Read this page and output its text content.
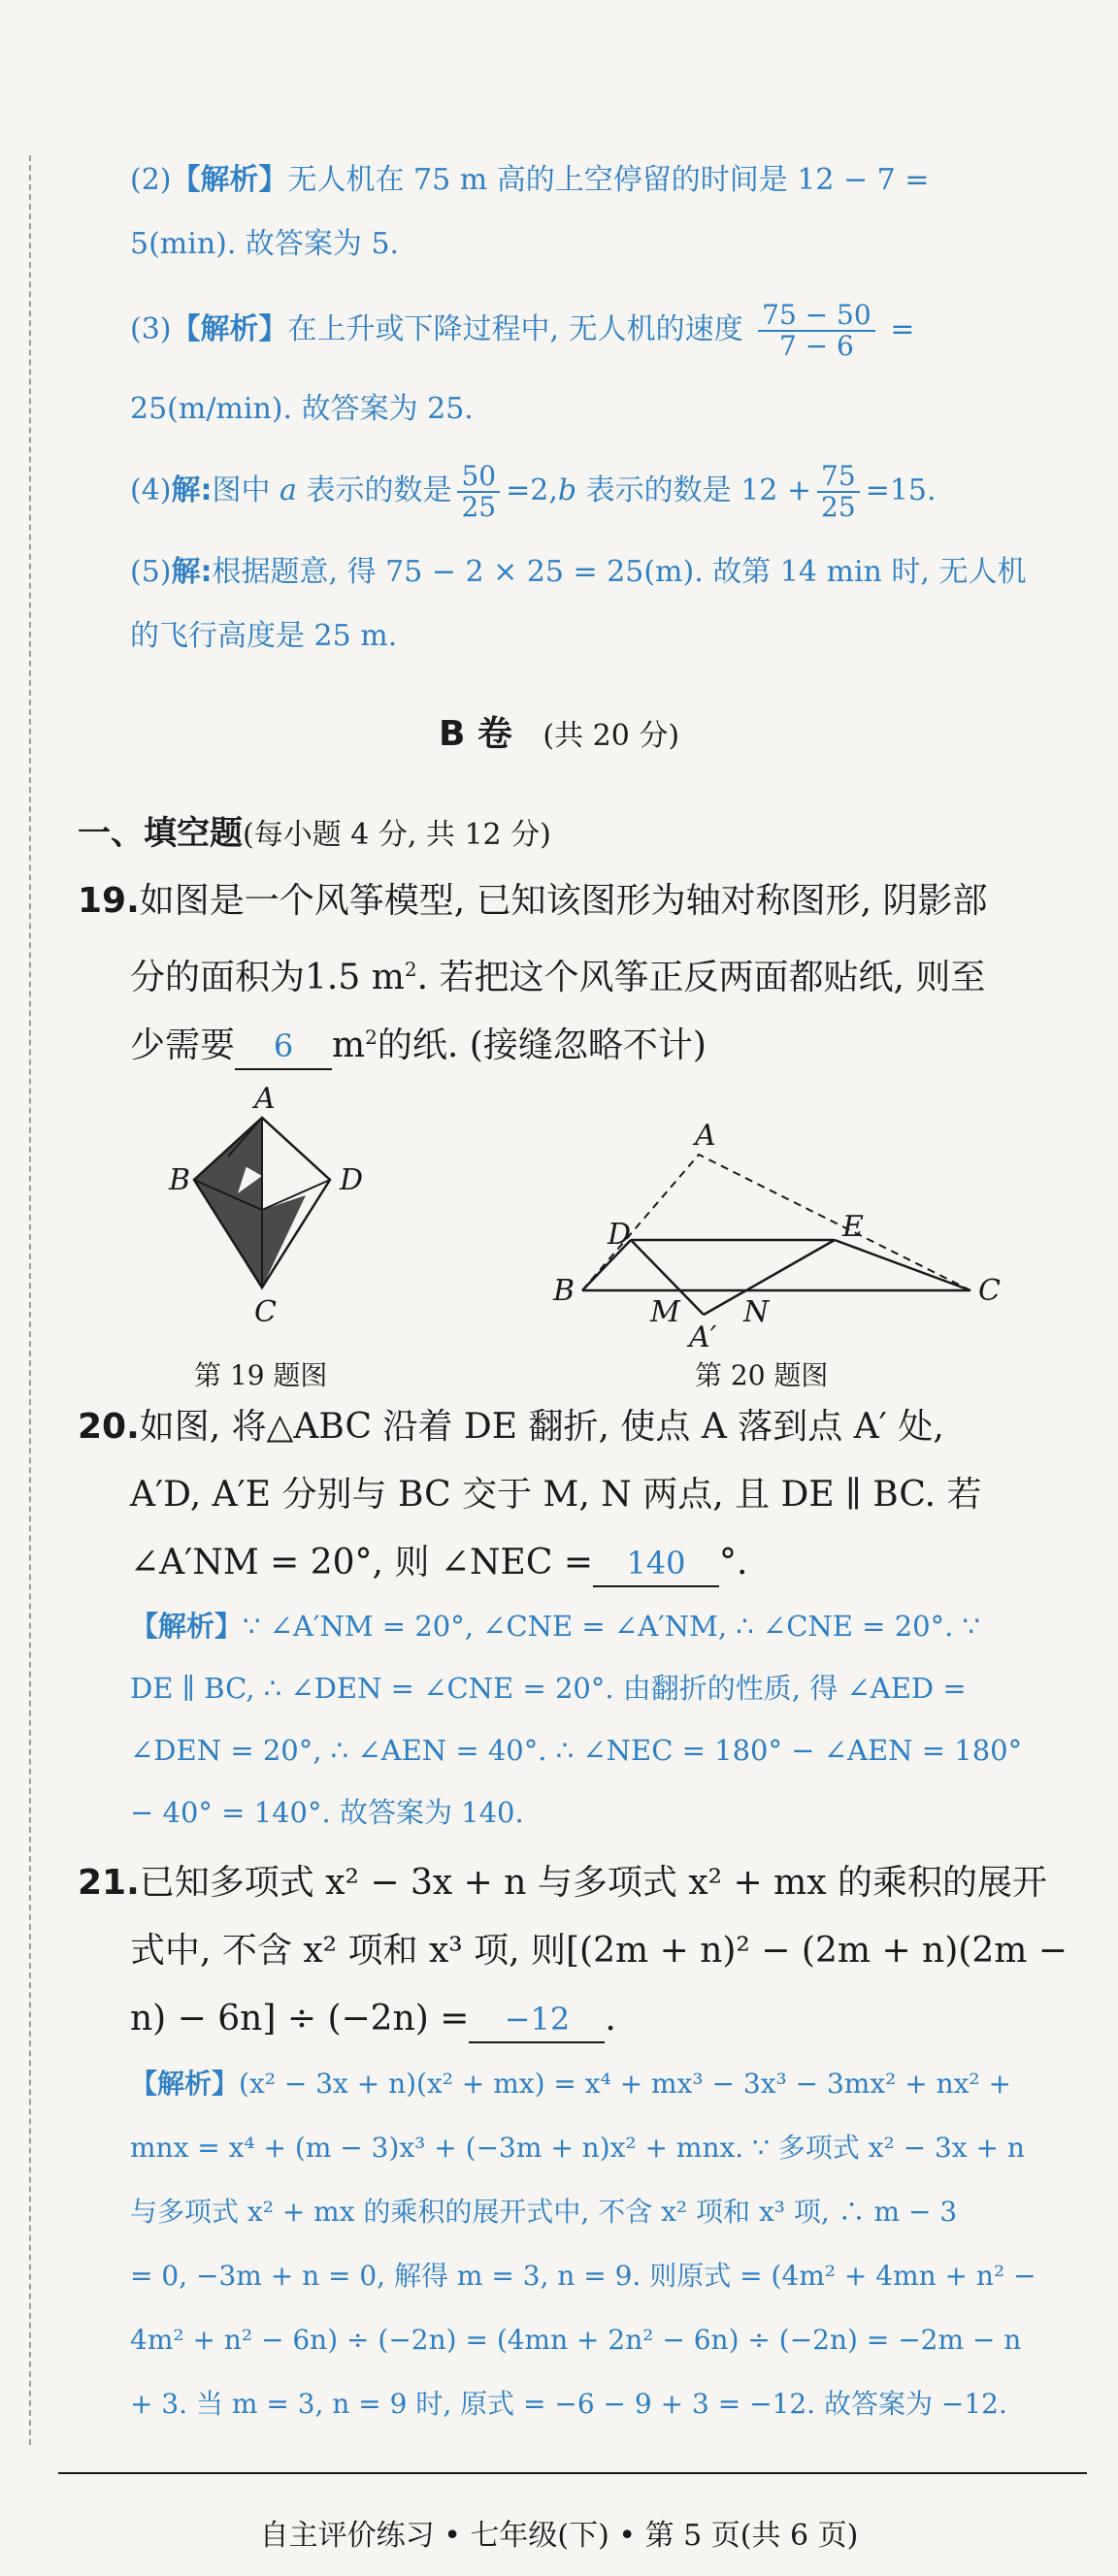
(2)【解析】无人机在 75 m 高的上空停留的时间是 12 − 7 =
5(min). 故答案为 5.
(3)【解析】在上升或下降过程中, 无人机的速度 $\frac{75 - 50}{7 - 6}$ =
25(m/min). 故答案为 25.
(4)解:图中 a 表示的数是 $\frac{50}{25} =2,b$ 表示的数是 $12 + \frac{75}{25} =15$.
(5)解:根据题意, 得 75 − 2 × 25 = 25(m). 故第 14 min 时, 无人机
的飞行高度是 25 m.
B 卷 (共 20 分)
一、填空题(每小题 4 分, 共 12 分)
19.如图是一个风筝模型, 已知该图形为轴对称图形, 阴影部
分的面积为1.5 $m^2$. 若把这个风筝正反两面都贴纸, 则至
少需要 6 $m^2$的纸. (接缝忽略不计)
A
B	D
C
第 19 题图
A
D	E
B
M N
C
A′
第 20 题图
20.如图, 将△ABC 沿着 DE 翻折, 使点 A 落到点 A′ 处,
A′D, A′E 分别与 BC 交于 M, N 两点, 且 DE ∥ BC. 若
∠A′NM = 20°, 则 ∠NEC = 140 °.
【解析】∵ ∠A′NM = 20°, ∠CNE = ∠A′NM, ∴ ∠CNE = 20°. ∵
DE ∥ BC, ∴ ∠DEN = ∠CNE = 20°. 由翻折的性质, 得 ∠AED =
∠DEN = 20°, ∴ ∠AEN = 40°. ∴ ∠NEC = 180° − ∠AEN = 180°
− 40° = 140°. 故答案为 140.
21.已知多项式 x² − 3x + n 与多项式 x² + mx 的乘积的展开
式中, 不含 x² 项和 x³ 项, 则[(2m + n)² − (2m + n)(2m −
n) − 6n] ÷ (−2n) = −12 .
【解析】(x² − 3x + n)(x² + mx) = x⁴ + mx³ − 3x³ − 3mx² + nx² +
mnx = x⁴ + (m − 3)x³ + (−3m + n)x² + mnx. ∵ 多项式 x² − 3x + n
与多项式 x² + mx 的乘积的展开式中, 不含 x² 项和 x³ 项, ∴ m − 3
= 0, −3m + n = 0, 解得 m = 3, n = 9. 则原式 = (4m² + 4mn + n² −
4m² + n² − 6n) ÷ (−2n) = (4mn + 2n² − 6n) ÷ (−2n) = −2m − n
+ 3. 当 m = 3, n = 9 时, 原式 = −6 − 9 + 3 = −12. 故答案为 −12.
自主评价练习 • 七年级(下) • 第 5 页(共 6 页)
